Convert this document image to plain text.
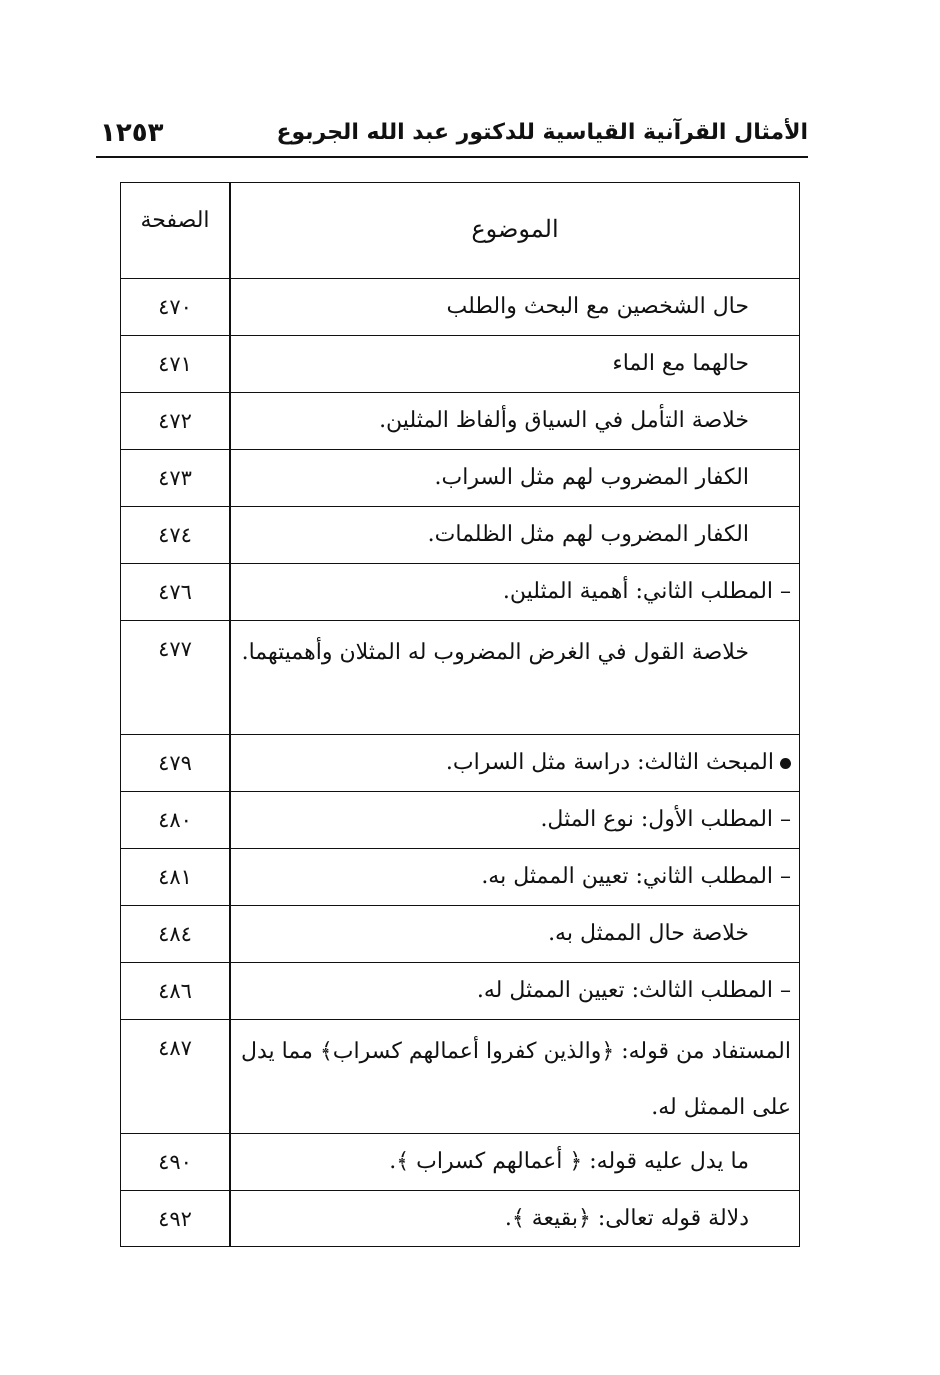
الأمثال القرآنية القياسية للدكتور عبد الله الجربوع
١٢٥٣
الصفحة	الموضوع
٤٧٠	حال الشخصين مع البحث والطلب
٤٧١	حالهما مع الماء
٤٧٢	خلاصة التأمل في السياق وألفاظ المثلين.
٤٧٣	الكفار المضروب لهم مثل السراب.
٤٧٤	الكفار المضروب لهم مثل الظلمات.
٤٧٦	– المطلب الثاني: أهمية المثلين.
٤٧٧	خلاصة القول في الغرض المضروب له المثلان وأهميتهما.
٤٧٩	المبحث الثالث: دراسة مثل السراب.
٤٨٠	– المطلب الأول: نوع المثل.
٤٨١	– المطلب الثاني: تعيين الممثل به.
٤٨٤	خلاصة حال الممثل به.
٤٨٦	– المطلب الثالث: تعيين الممثل له.
٤٨٧	المستفاد من قوله: ﴿والذين كفروا أعمالهم كسراب﴾ مما يدل على الممثل له.
٤٩٠	ما يدل عليه قوله: ﴿ أعمالهم كسراب ﴾.
٤٩٢	دلالة قوله تعالى: ﴿بقيعة ﴾.
